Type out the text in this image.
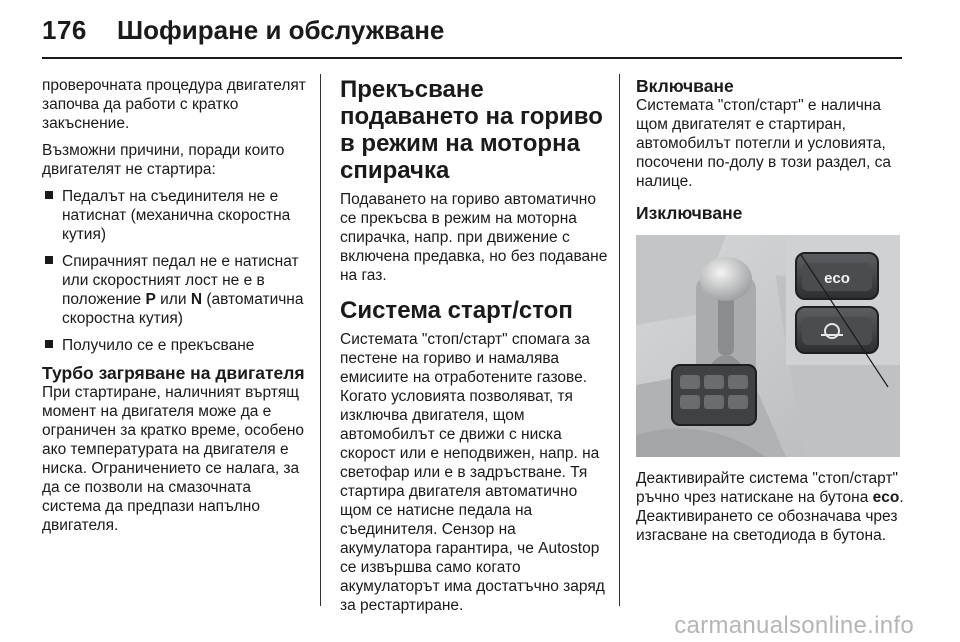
176 Шофиране и обслужване

проверочната процедура двигателят започва да работи с кратко закъснение.

Възможни причини, поради които двигателят не стартира:

Педалът на съединителя не е натиснат (механична скоростна кутия)
Спирачният педал не е натиснат или скоростният лост не е в положение P или N (автоматична скоростна кутия)
Получило се е прекъсване
Турбо загряване на двигателя

При стартиране, наличният въртящ момент на двигателя може да е ограничен за кратко време, особено ако температурата на двигателя е ниска. Ограничението се налага, за да се позволи на смазочната система да предпази напълно двигателя.

Прекъсване подаването на гориво в режим на моторна спирачка

Подаването на гориво автоматично се прекъсва в режим на моторна спирачка, напр. при движение с включена предавка, но без подаване на газ.

Система старт/стоп

Системата "стоп/старт" спомага за пестене на гориво и намалява емисиите на отработените газове. Когато условията позволяват, тя изключва двигателя, щом автомобилът се движи с ниска скорост или е неподвижен, напр. на светофар или е в задръстване. Тя стартира двигателя автоматично щом се натисне педала на съединителя. Сензор на акумулатора гарантира, че Autostop се извършва само когато акумулаторът има достатъчно заряд за рестартиране.

Включване

Системата "стоп/старт" е налична щом двигателят е стартиран, автомобилът потегли и условията, посочени по-долу в този раздел, са налице.

Изключване
eco

Деактивирайте система "стоп/старт" ръчно чрез натискане на бутона eco. Деактивирането се обозначава чрез изгасване на светодиода в бутона.

carmanualsonline.info
